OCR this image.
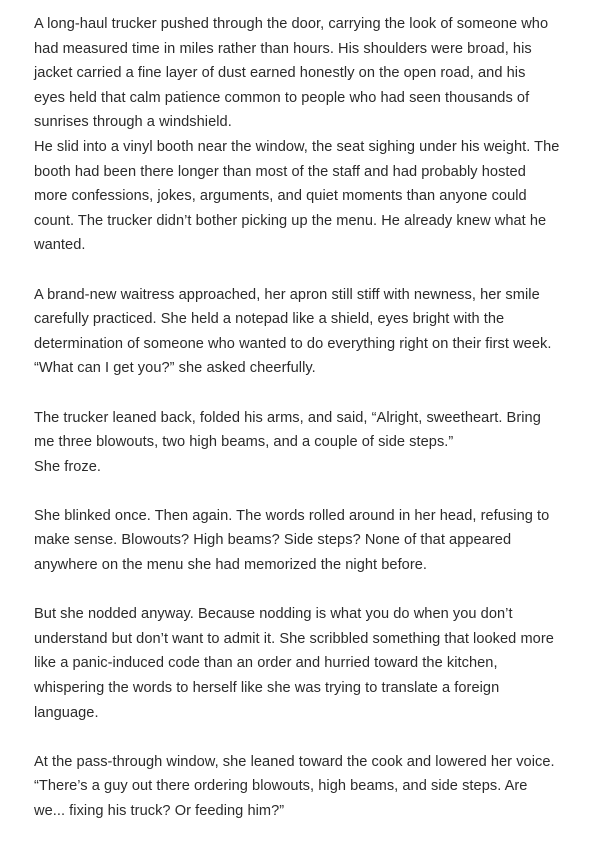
A long-haul trucker pushed through the door, carrying the look of someone who
had measured time in miles rather than hours. His shoulders were broad, his
jacket carried a fine layer of dust earned honestly on the open road, and his
eyes held that calm patience common to people who had seen thousands of
sunrises through a windshield.
He slid into a vinyl booth near the window, the seat sighing under his weight. The
booth had been there longer than most of the staff and had probably hosted
more confessions, jokes, arguments, and quiet moments than anyone could
count. The trucker didn’t bother picking up the menu. He already knew what he
wanted.

A brand-new waitress approached, her apron still stiff with newness, her smile
carefully practiced. She held a notepad like a shield, eyes bright with the
determination of someone who wanted to do everything right on their first week.
“What can I get you?” she asked cheerfully.

The trucker leaned back, folded his arms, and said, “Alright, sweetheart. Bring
me three blowouts, two high beams, and a couple of side steps.”
She froze.

She blinked once. Then again. The words rolled around in her head, refusing to
make sense. Blowouts? High beams? Side steps? None of that appeared
anywhere on the menu she had memorized the night before.

But she nodded anyway. Because nodding is what you do when you don’t
understand but don’t want to admit it. She scribbled something that looked more
like a panic-induced code than an order and hurried toward the kitchen,
whispering the words to herself like she was trying to translate a foreign
language.

At the pass-through window, she leaned toward the cook and lowered her voice.
“There’s a guy out there ordering blowouts, high beams, and side steps. Are
we... fixing his truck? Or feeding him?”
